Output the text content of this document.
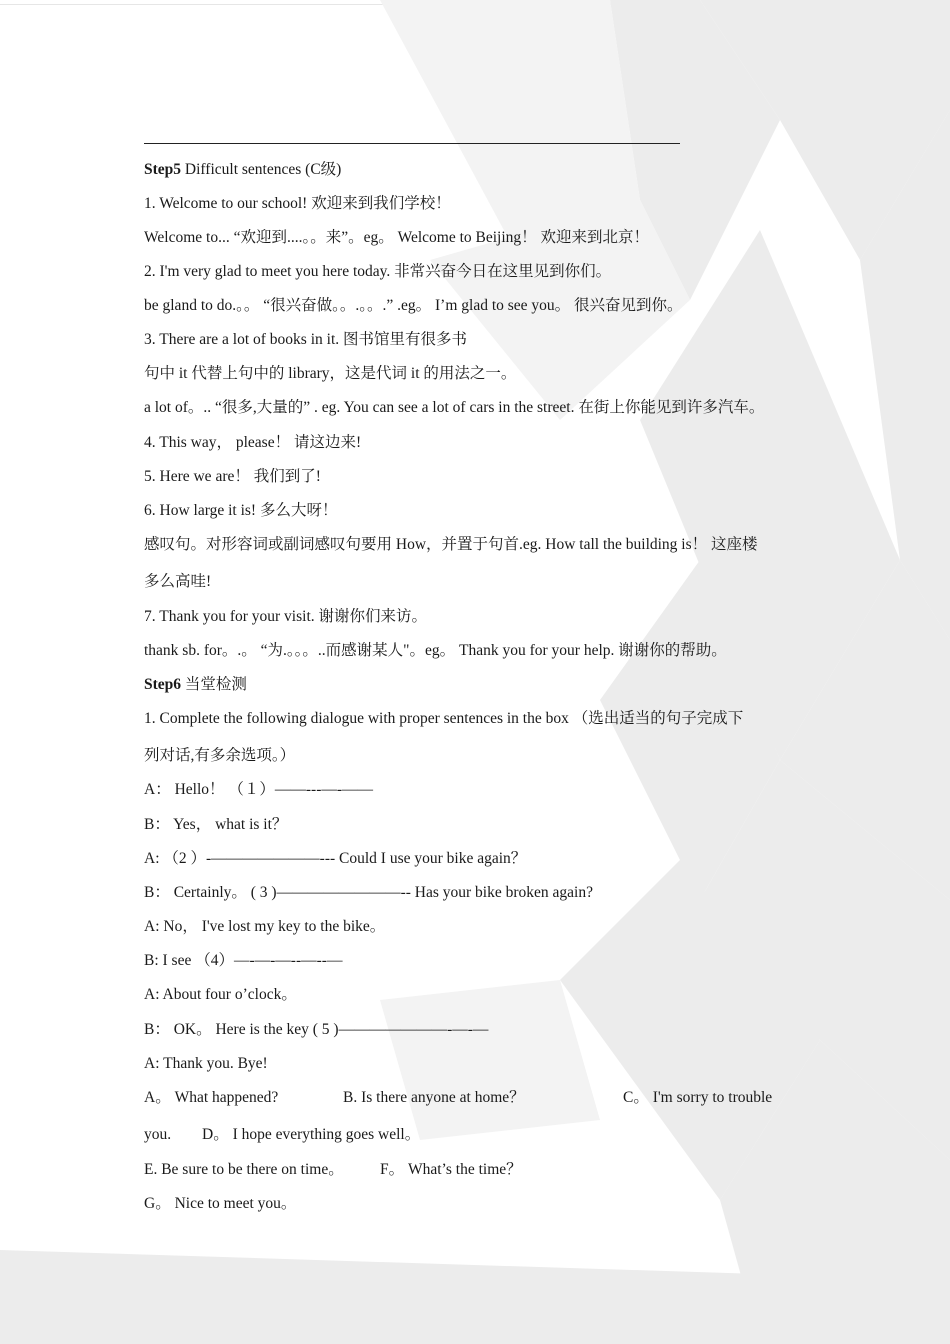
Step5 Difficult sentences (C级)
1. Welcome to our school! 欢迎来到我们学校！
Welcome to... “欢迎到....。。来”。eg。 Welcome to Beijing！ 欢迎来到北京！
2. I'm very glad to meet you here today. 非常兴奋今日在这里见到你们。
be gland to do.。。 “很兴奋做。。.。。.” .eg。 I’m glad to see you。 很兴奋见到你。
3. There are a lot of books in it. 图书馆里有很多书
句中 it 代替上句中的 library，这是代词 it 的用法之一。
a lot of。.. “很多,大量的” . eg. You can see a lot of cars in the street. 在街上你能见到许多汽车。
4. This way， please！ 请这边来!
5. Here we are！ 我们到了!
6. How large it is! 多么大呀！
感叹句。对形容词或副词感叹句要用 How，并置于句首.eg. How tall the building is！ 这座楼
多么高哇!
7. Thank you for your visit. 谢谢你们来访。
thank sb. for。.。 “为.。。。..而感谢某人"。eg。 Thank you for your help. 谢谢你的帮助。
Step6 当堂检测
1. Complete the following dialogue with proper sentences in the box （选出适当的句子完成下
列对话,有多余选项。）
A： Hello！ （１）——---—-——
B： Yes， what is it？
A: （2 ）-———————--- Could I use your bike again？
B： Certainly。 ( 3 )————————-- Has your bike broken again?
A: No， I've lost my key to the bike。
B: I see （4）—-—-—--—--—
A: About four o’clock。
B： OK。 Here is the key ( 5 )———————-—-—
A: Thank you. Bye!
A。 What happened?	B. Is there anyone at home？	C。 I'm sorry to trouble
you. D。 I hope everything goes well。
E. Be sure to be there on time。 F。 What’s the time？
G。 Nice to meet you。
